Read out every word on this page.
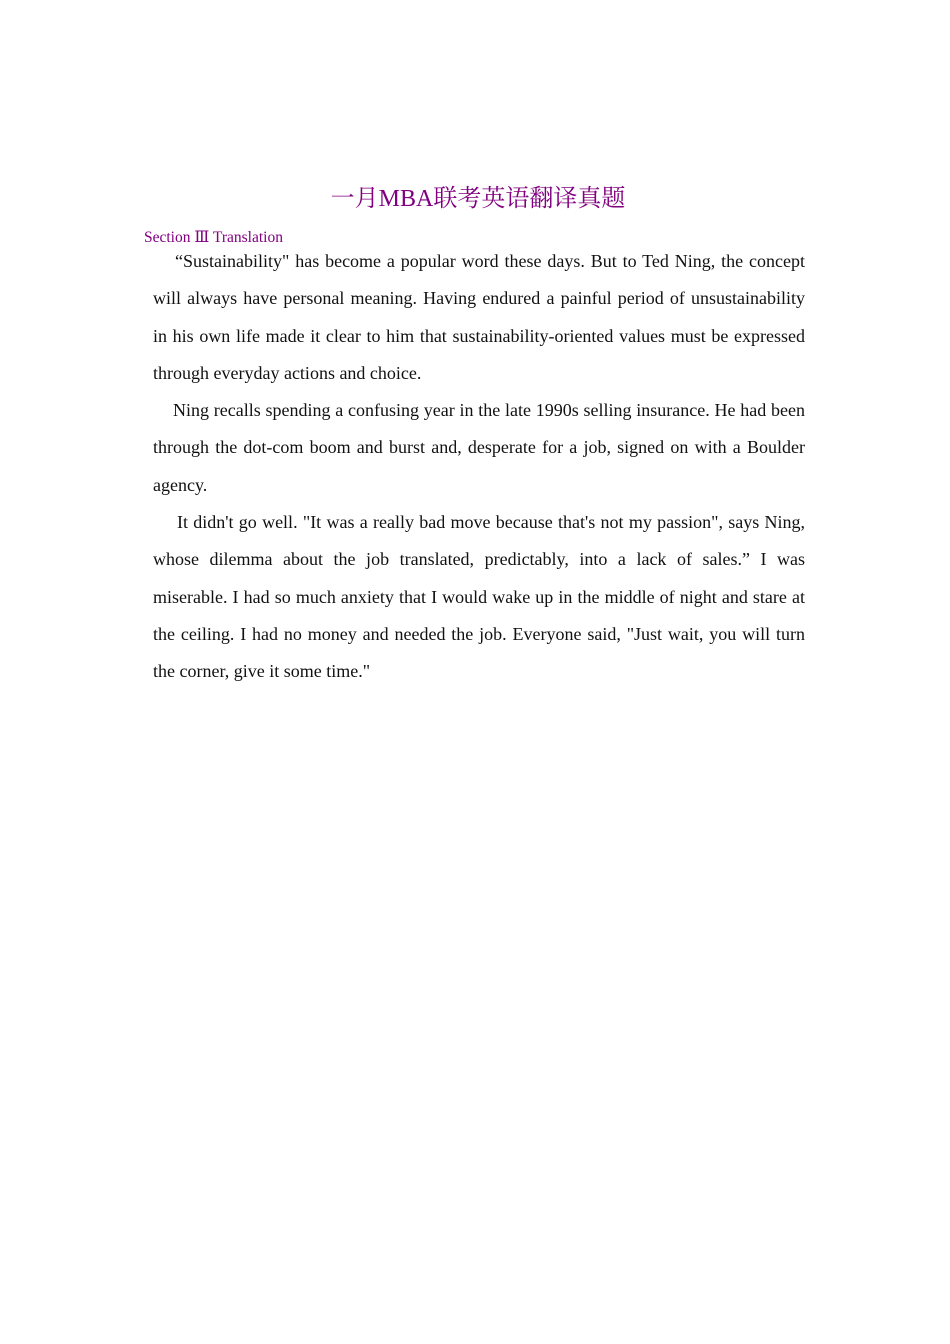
一月MBA联考英语翻译真题
Section Ⅲ Translation

“Sustainability" has become a popular word these days. But to Ted Ning, the concept will always have personal meaning. Having endured a painful period of unsustainability in his own life made it clear to him that sustainability-oriented values must be expressed through everyday actions and choice.

Ning recalls spending a confusing year in the late 1990s selling insurance. He had been through the dot-com boom and burst and, desperate for a job, signed on with a Boulder agency.

It didn't go well. "It was a really bad move because that's not my passion", says Ning, whose dilemma about the job translated, predictably, into a lack of sales.” I was miserable. I had so much anxiety that I would wake up in the middle of night and stare at the ceiling. I had no money and needed the job. Everyone said, "Just wait, you will turn the corner, give it some time."
